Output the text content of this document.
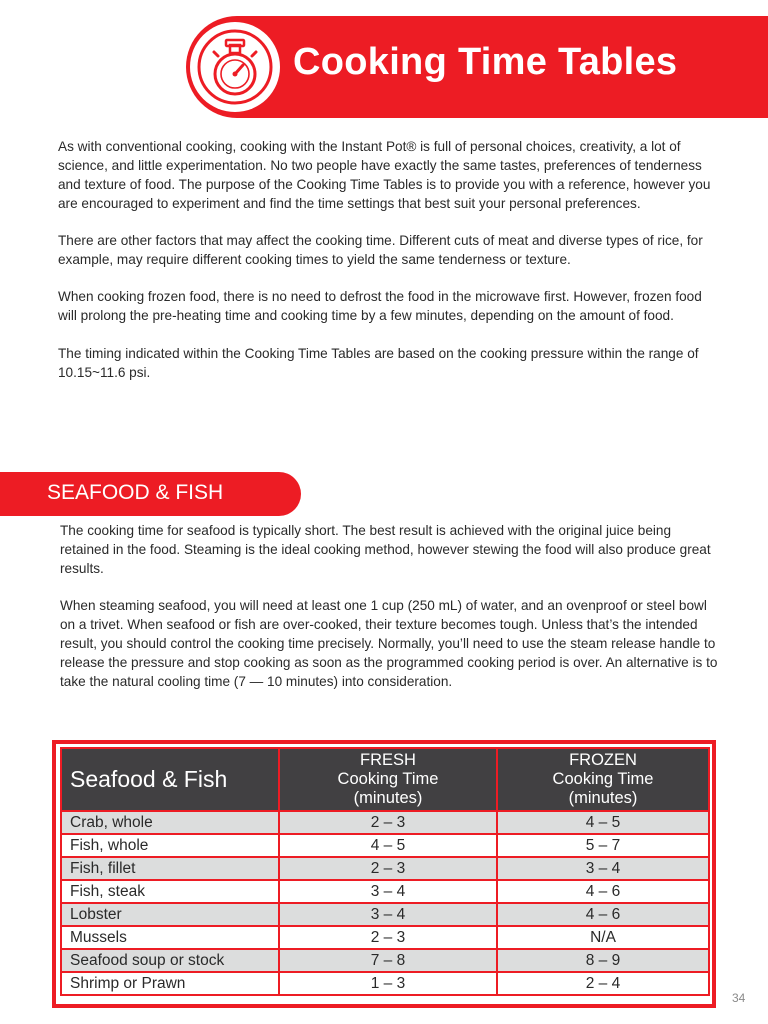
Cooking Time Tables

As with conventional cooking, cooking with the Instant Pot® is full of personal choices, creativity, a lot of science, and little experimentation. No two people have exactly the same tastes, preferences of tenderness and texture of food. The purpose of the Cooking Time Tables is to provide you with a reference, however you are encouraged to experiment and find the time settings that best suit your personal preferences.

There are other factors that may affect the cooking time. Different cuts of meat and diverse types of rice, for example, may require different cooking times to yield the same tenderness or texture.

When cooking frozen food, there is no need to defrost the food in the microwave first. However, frozen food will prolong the pre-heating time and cooking time by a few minutes, depending on the amount of food.

The timing indicated within the Cooking Time Tables are based on the cooking pressure within the range of 10.15~11.6 psi.

SEAFOOD & FISH

The cooking time for seafood is typically short. The best result is achieved with the original juice being retained in the food. Steaming is the ideal cooking method, however stewing the food will also produce great results.

When steaming seafood, you will need at least one 1 cup (250 mL) of water, and an ovenproof or steel bowl on a trivet. When seafood or fish are over-cooked, their texture becomes tough. Unless that’s the intended result, you should control the cooking time precisely. Normally, you’ll need to use the steam release handle to release the pressure and stop cooking as soon as the programmed cooking period is over. An alternative is to take the natural cooling time (7 — 10 minutes) into consideration.

Seafood & Fish	FRESH
Cooking Time
(minutes)	FROZEN
Cooking Time
(minutes)

Crab, whole	2 – 3	4 – 5
Fish, whole	4 – 5	5 – 7
Fish, fillet	2 – 3	3 – 4
Fish, steak	3 – 4	4 – 6
Lobster	3 – 4	4 – 6
Mussels	2 – 3	N/A
Seafood soup or stock	7 – 8	8 – 9
Shrimp or Prawn	1 – 3	2 – 4
34
